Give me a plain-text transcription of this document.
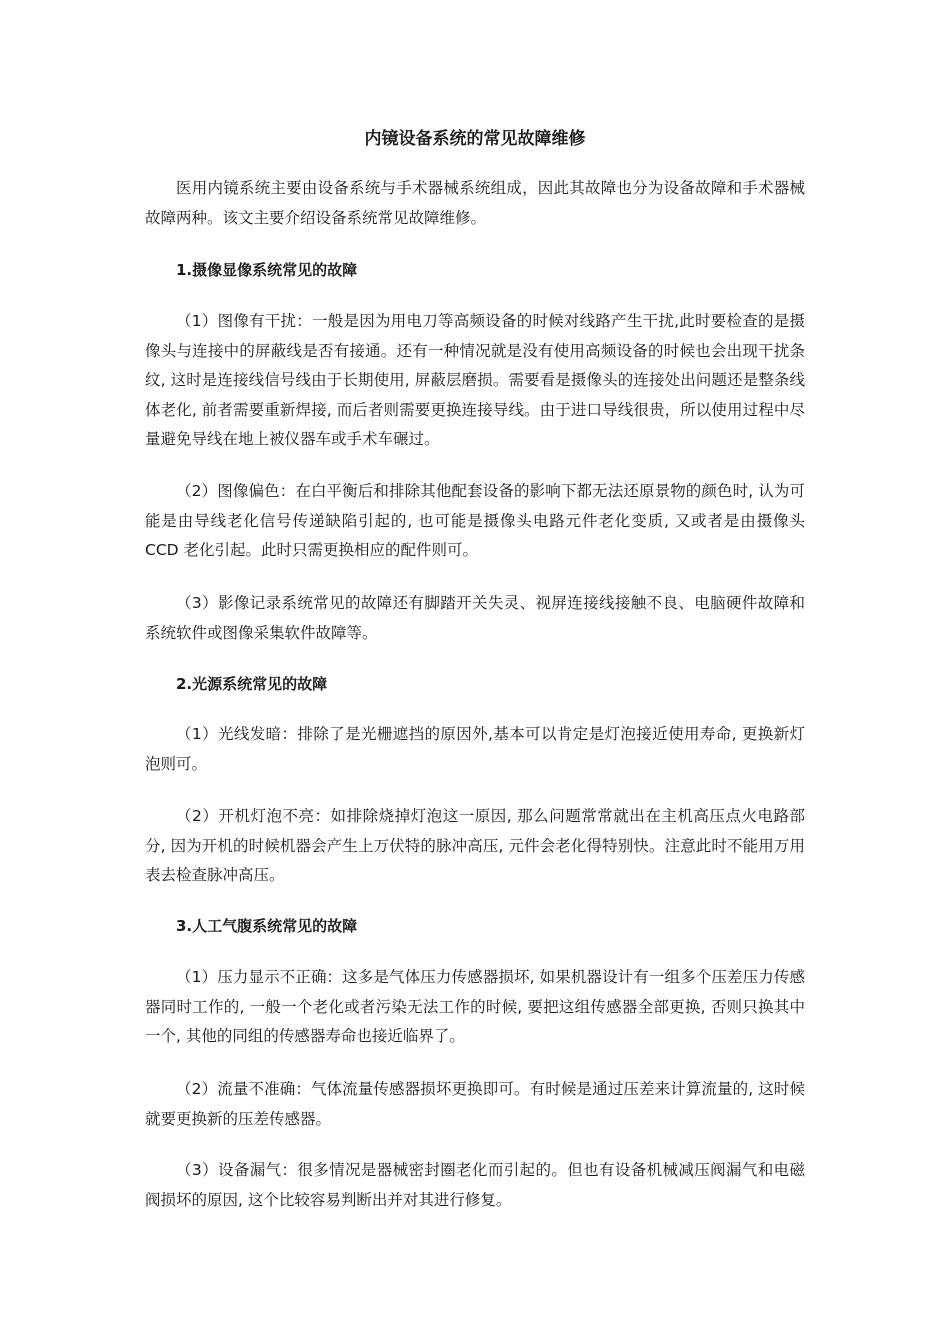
内镜设备系统的常见故障维修

医用内镜系统主要由设备系统与手术器械系统组成，因此其故障也分为设备故障和手术器械故障两种。该文主要介绍设备系统常见故障维修。

1.摄像显像系统常见的故障

（1）图像有干扰：一般是因为用电刀等高频设备的时候对线路产生干扰,此时要检查的是摄像头与连接中的屏蔽线是否有接通。还有一种情况就是没有使用高频设备的时候也会出现干扰条纹, 这时是连接线信号线由于长期使用, 屏蔽层磨损。需要看是摄像头的连接处出问题还是整条线体老化, 前者需要重新焊接, 而后者则需要更换连接导线。由于进口导线很贵，所以使用过程中尽量避免导线在地上被仪器车或手术车碾过。

（2）图像偏色：在白平衡后和排除其他配套设备的影响下都无法还原景物的颜色时, 认为可能是由导线老化信号传递缺陷引起的, 也可能是摄像头电路元件老化变质, 又或者是由摄像头 CCD 老化引起。此时只需更换相应的配件则可。

（3）影像记录系统常见的故障还有脚踏开关失灵、视屏连接线接触不良、电脑硬件故障和系统软件或图像采集软件故障等。

2.光源系统常见的故障

（1）光线发暗：排除了是光栅遮挡的原因外,基本可以肯定是灯泡接近使用寿命, 更换新灯泡则可。

（2）开机灯泡不亮：如排除烧掉灯泡这一原因, 那么问题常常就出在主机高压点火电路部分, 因为开机的时候机器会产生上万伏特的脉冲高压, 元件会老化得特别快。注意此时不能用万用表去检查脉冲高压。

3.人工气腹系统常见的故障

（1）压力显示不正确：这多是气体压力传感器损坏, 如果机器设计有一组多个压差压力传感器同时工作的, 一般一个老化或者污染无法工作的时候, 要把这组传感器全部更换, 否则只换其中一个, 其他的同组的传感器寿命也接近临界了。

（2）流量不准确：气体流量传感器损坏更换即可。有时候是通过压差来计算流量的, 这时候就要更换新的压差传感器。

（3）设备漏气：很多情况是器械密封圈老化而引起的。但也有设备机械减压阀漏气和电磁阀损坏的原因, 这个比较容易判断出并对其进行修复。
